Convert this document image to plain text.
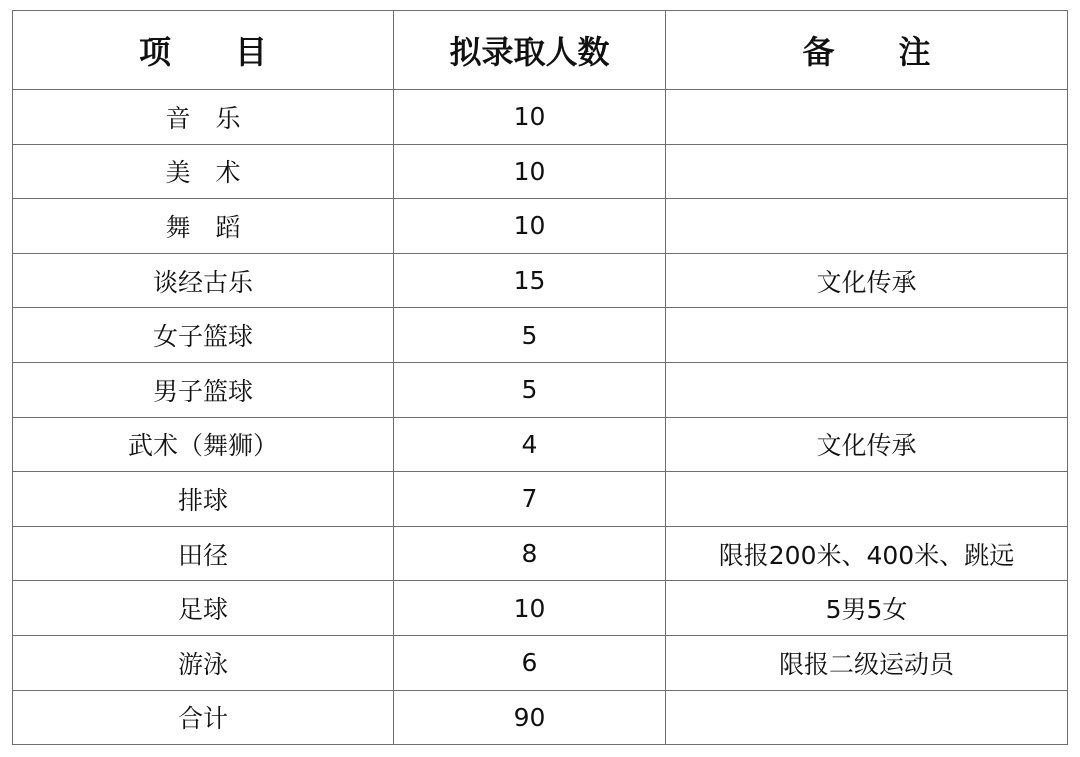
项　　目	拟录取人数	备　　注
音　乐	10	
美　术	10	
舞　蹈	10	
谈经古乐	15	文化传承
女子篮球	5	
男子篮球	5	
武术（舞狮）	4	文化传承
排球	7	
田径	8	限报200米、400米、跳远
足球	10	5男5女
游泳	6	限报二级运动员
合计	90	
